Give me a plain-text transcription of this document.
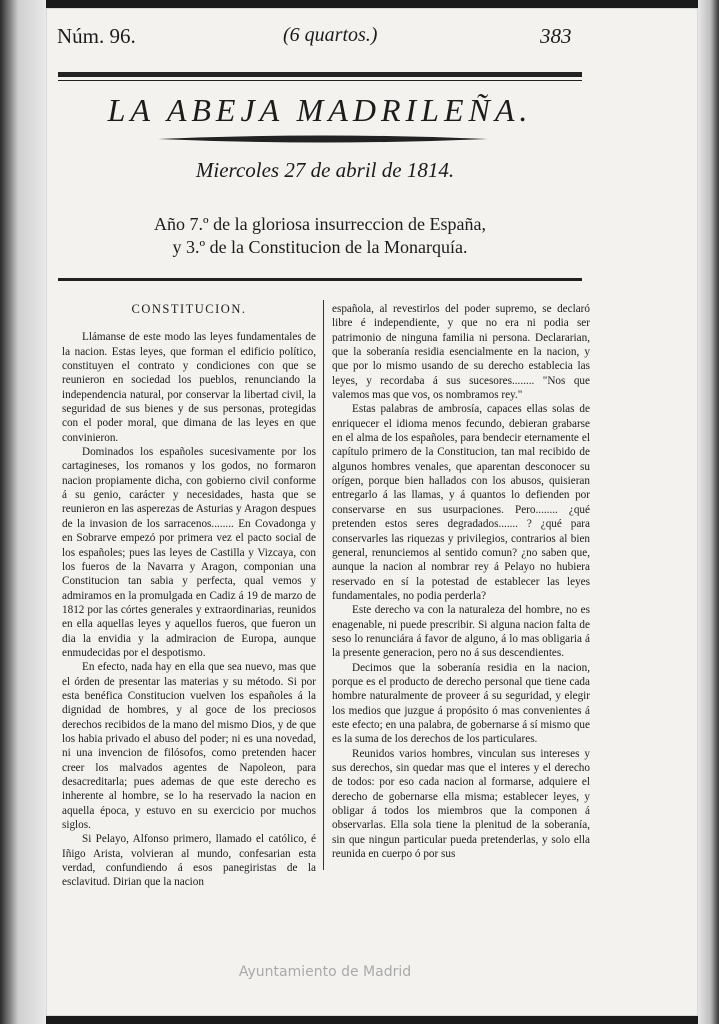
Núm. 96.	(6 quartos.)	383
LA ABEJA MADRILEÑA.
Miercoles 27 de abril de 1814.
Año 7.º de la gloriosa insurreccion de España,
y 3.º de la Constitucion de la Monarquía.
CONSTITUCION.

Llámanse de este modo las leyes fundamentales de la nacion. Estas leyes, que forman el edificio político, constituyen el contrato y condiciones con que se reunieron en sociedad los pueblos, renunciando la independencia natural, por conservar la libertad civil, la seguridad de sus bienes y de sus personas, protegidas con el poder moral, que dimana de las leyes en que convinieron.

Dominados los españoles sucesivamente por los cartagineses, los romanos y los godos, no formaron nacion propiamente dicha, con gobierno civil conforme á su genio, carácter y necesidades, hasta que se reunieron en las asperezas de Asturias y Aragon despues de la invasion de los sarracenos........ En Covadonga y en Sobrarve empezó por primera vez el pacto social de los españoles; pues las leyes de Castilla y Vizcaya, con los fueros de la Navarra y Aragon, componian una Constitucion tan sabia y perfecta, qual vemos y admiramos en la promulgada en Cadiz á 19 de marzo de 1812 por las córtes generales y extraordinarias, reunidos en ella aquellas leyes y aquellos fueros, que fueron un dia la envidia y la admiracion de Europa, aunque enmudecidas por el despotismo.

En efecto, nada hay en ella que sea nuevo, mas que el órden de presentar las materias y su método. Si por esta benéfica Constitucion vuelven los españoles á la dignidad de hombres, y al goce de los preciosos derechos recibidos de la mano del mismo Dios, y de que los habia privado el abuso del poder; ni es una novedad, ni una invencion de filósofos, como pretenden hacer creer los malvados agentes de Napoleon, para desacreditarla; pues ademas de que este derecho es inherente al hombre, se lo ha reservado la nacion en aquella época, y estuvo en su exercicio por muchos siglos.

Si Pelayo, Alfonso primero, llamado el católico, é Iñigo Arista, volvieran al mundo, confesarian esta verdad, confundiendo á esos panegiristas de la esclavitud. Dirian que la nacion

española, al revestirlos del poder supremo, se declaró libre é independiente, y que no era ni podia ser patrimonio de ninguna familia ni persona. Declararian, que la soberanía residia esencialmente en la nacion, y que por lo mismo usando de su derecho establecia las leyes, y recordaba á sus sucesores........ "Nos que valemos mas que vos, os nombramos rey."

Estas palabras de ambrosía, capaces ellas solas de enriquecer el idioma menos fecundo, debieran grabarse en el alma de los españoles, para bendecir eternamente el capítulo primero de la Constitucion, tan mal recibido de algunos hombres venales, que aparentan desconocer su orígen, porque bien hallados con los abusos, quisieran entregarlo á las llamas, y á quantos lo defienden por conservarse en sus usurpaciones. Pero........ ¿qué pretenden estos seres degradados....... ? ¿qué para conservarles las riquezas y privilegios, contrarios al bien general, renunciemos al sentido comun? ¿no saben que, aunque la nacion al nombrar rey á Pelayo no hubiera reservado en sí la potestad de establecer las leyes fundamentales, no podia perderla?

Este derecho va con la naturaleza del hombre, no es enagenable, ni puede prescribir. Si alguna nacion falta de seso lo renunciára á favor de alguno, á lo mas obligaria á la presente generacion, pero no á sus descendientes.

Decimos que la soberanía residia en la nacion, porque es el producto de derecho personal que tiene cada hombre naturalmente de proveer á su seguridad, y elegir los medios que juzgue á propósito ó mas convenientes á este efecto; en una palabra, de gobernarse á sí mismo que es la suma de los derechos de los particulares.

Reunidos varios hombres, vinculan sus intereses y sus derechos, sin quedar mas que el interes y el derecho de todos: por eso cada nacion al formarse, adquiere el derecho de gobernarse ella misma; establecer leyes, y obligar á todos los miembros que la componen á observarlas. Ella sola tiene la plenitud de la soberanía, sin que ningun particular pueda pretenderlas, y solo ella reunida en cuerpo ó por sus

Ayuntamiento de Madrid
